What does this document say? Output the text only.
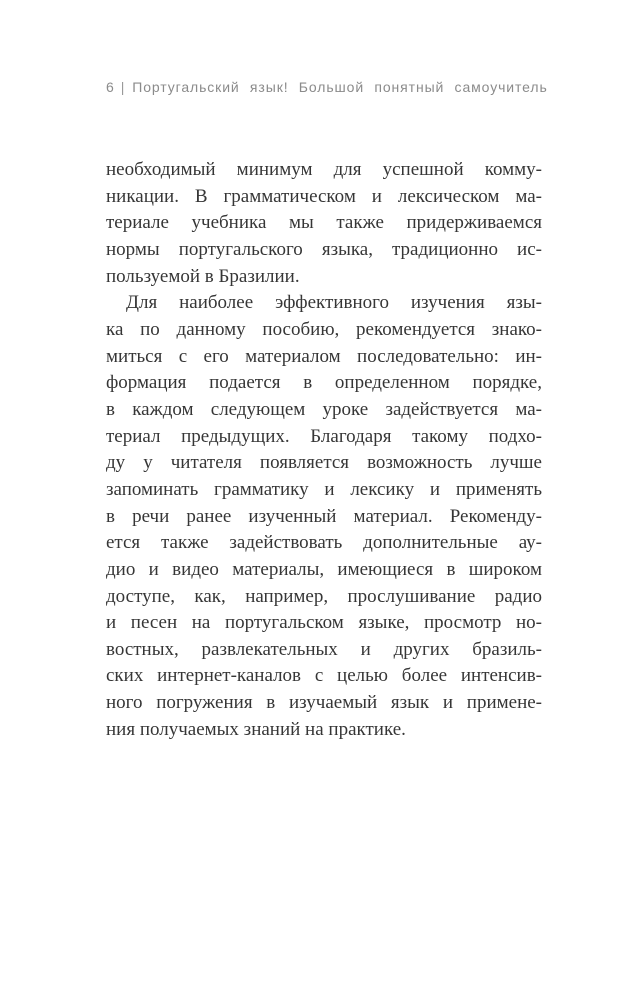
6 | Португальский язык! Большой понятный самоучитель
необходимый минимум для успешной комму-
никации. В грамматическом и лексическом ма-
териале учебника мы также придерживаемся
нормы португальского языка, традиционно ис-
пользуемой в Бразилии.
Для наиболее эффективного изучения язы-
ка по данному пособию, рекомендуется знако-
миться с его материалом последовательно: ин-
формация подается в определенном порядке,
в каждом следующем уроке задействуется ма-
териал предыдущих. Благодаря такому подхо-
ду у читателя появляется возможность лучше
запоминать грамматику и лексику и применять
в речи ранее изученный материал. Рекоменду-
ется также задействовать дополнительные ау-
дио и видео материалы, имеющиеся в широком
доступе, как, например, прослушивание радио
и песен на португальском языке, просмотр но-
востных, развлекательных и других бразиль-
ских интернет-каналов с целью более интенсив-
ного погружения в изучаемый язык и примене-
ния получаемых знаний на практике.
